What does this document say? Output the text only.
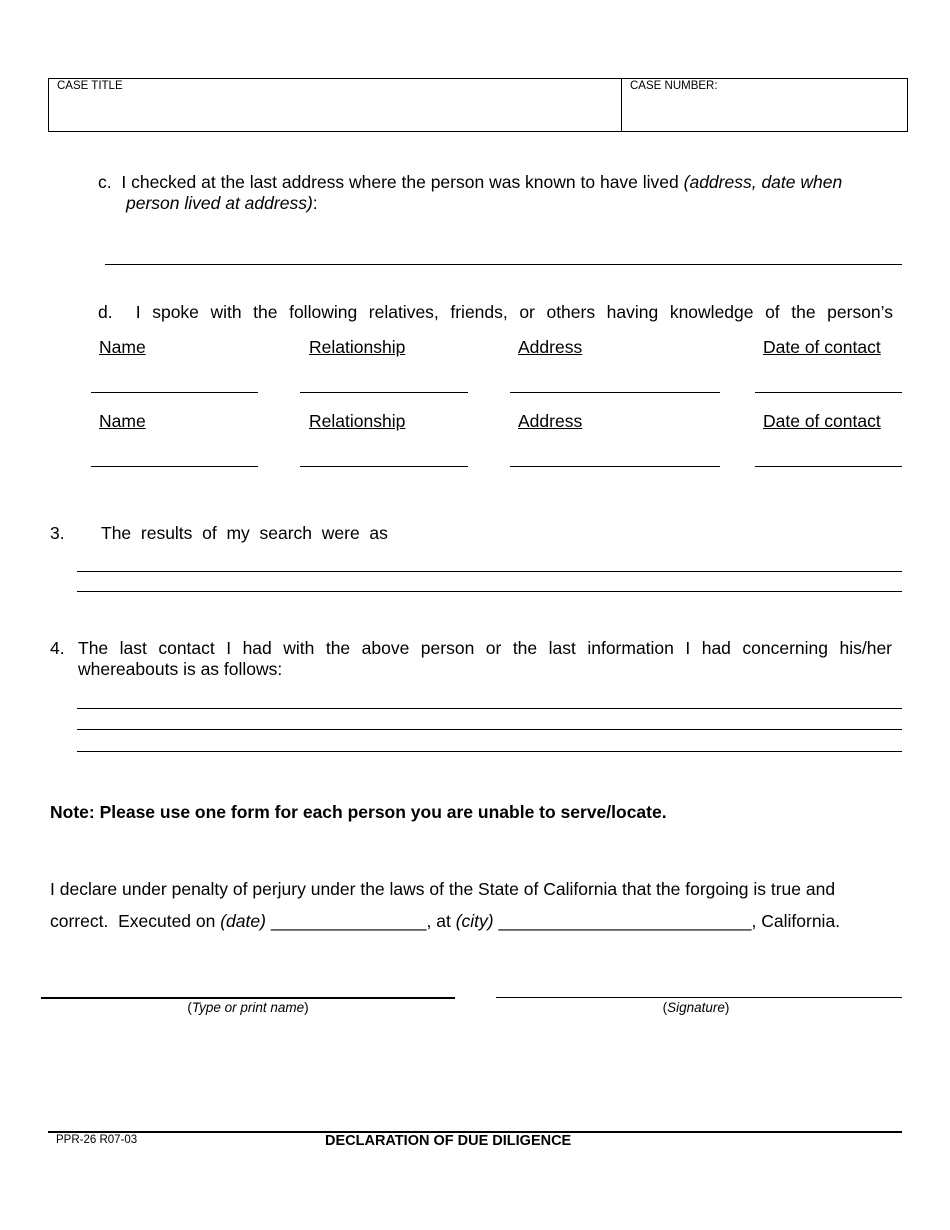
CASE TITLE	CASE NUMBER:
c. I checked at the last address where the person was known to have lived (address, date when
person lived at address):
d. I spoke with the following relatives, friends, or others having knowledge of the person’s
Name	Relationship	Address	Date of contact
Name	Relationship	Address	Date of contact
3. The  results  of  my  search  were  as
4. The last contact I had with the above person or the last information I had concerning his/her
whereabouts is as follows:
Note: Please use one form for each person you are unable to serve/locate.
I declare under penalty of perjury under the laws of the State of California that the forgoing is true and
correct.  Executed on (date) ________________, at (city) __________________________, California.
(Type or print name)	(Signature)
PPR-26 R07-03	DECLARATION OF DUE DILIGENCE
